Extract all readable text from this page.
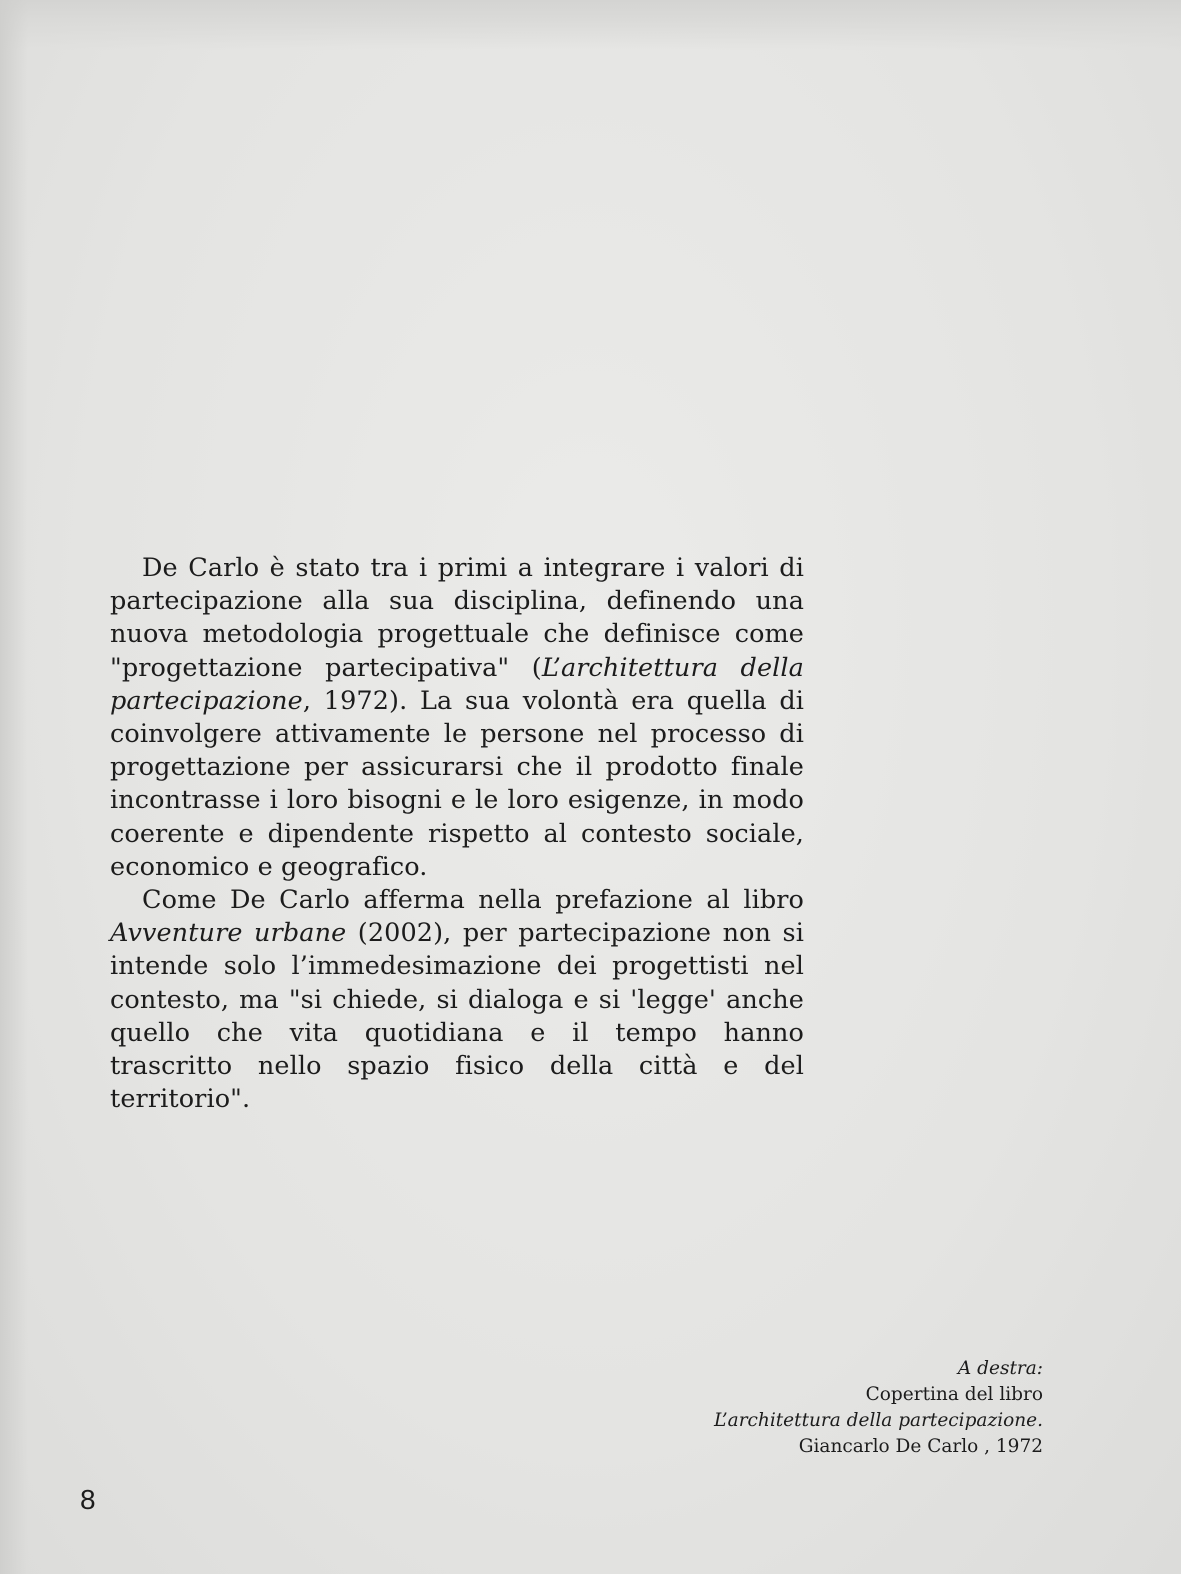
De Carlo è stato tra i primi a integrare i valori di partecipazione alla sua disciplina, definendo una nuova metodologia progettuale che definisce come "progettazione partecipativa" (L’architettura della partecipazione, 1972). La sua volontà era quella di coinvolgere attivamente le persone nel processo di progettazione per assicurarsi che il prodotto finale incontrasse i loro bisogni e le loro esigenze, in modo coerente e dipendente rispetto al contesto sociale, economico e geografico.

Come De Carlo afferma nella prefazione al libro Avventure urbane (2002), per partecipazione non si intende solo l’immedesimazione dei progettisti nel contesto, ma "si chiede, si dialoga e si 'legge' anche quello che vita quotidiana e il tempo hanno trascritto nello spazio fisico della città e del territorio".

A destra:
Copertina del libro
L’architettura della partecipazione.
Giancarlo De Carlo , 1972
8
